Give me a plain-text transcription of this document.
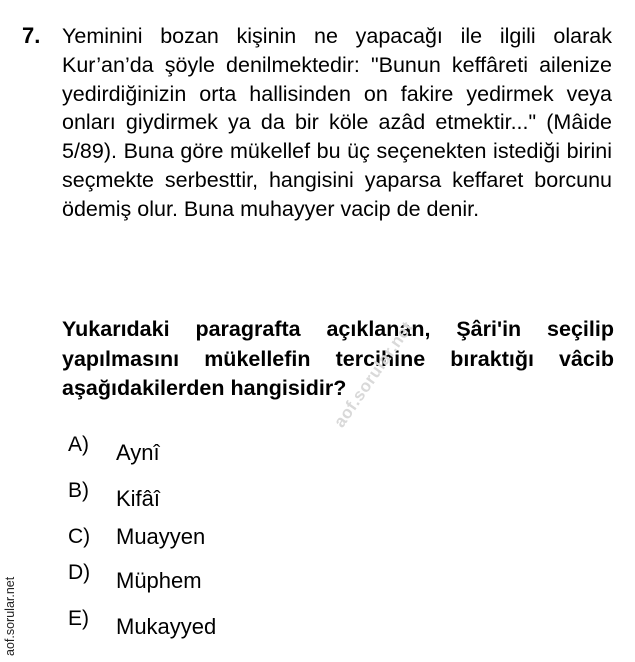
7. Yeminini bozan kişinin ne yapacağı ile ilgili olarak Kur’an’da şöyle denilmektedir: "Bunun keffâreti ailenize yedirdiğinizin orta hallisinden on fakire yedirmek veya onları giydirmek ya da bir köle azâd etmektir..." (Mâide 5/89). Buna göre mükellef bu üç seçenekten istediği birini seçmekte serbesttir, hangisini yaparsa keffaret borcunu ödemiş olur. Buna muhayyer vacip de denir.

Yukarıdaki paragrafta açıklanan, Şâri'in seçilip yapılmasını mükellefin tercihine bıraktığı vâcib aşağıdakilerden hangisidir?

A) Aynî
B) Kifâî
C) Muayyen
D) Müphem
E) Mukayyed
aof.sorular.net
aof.sorular.net
